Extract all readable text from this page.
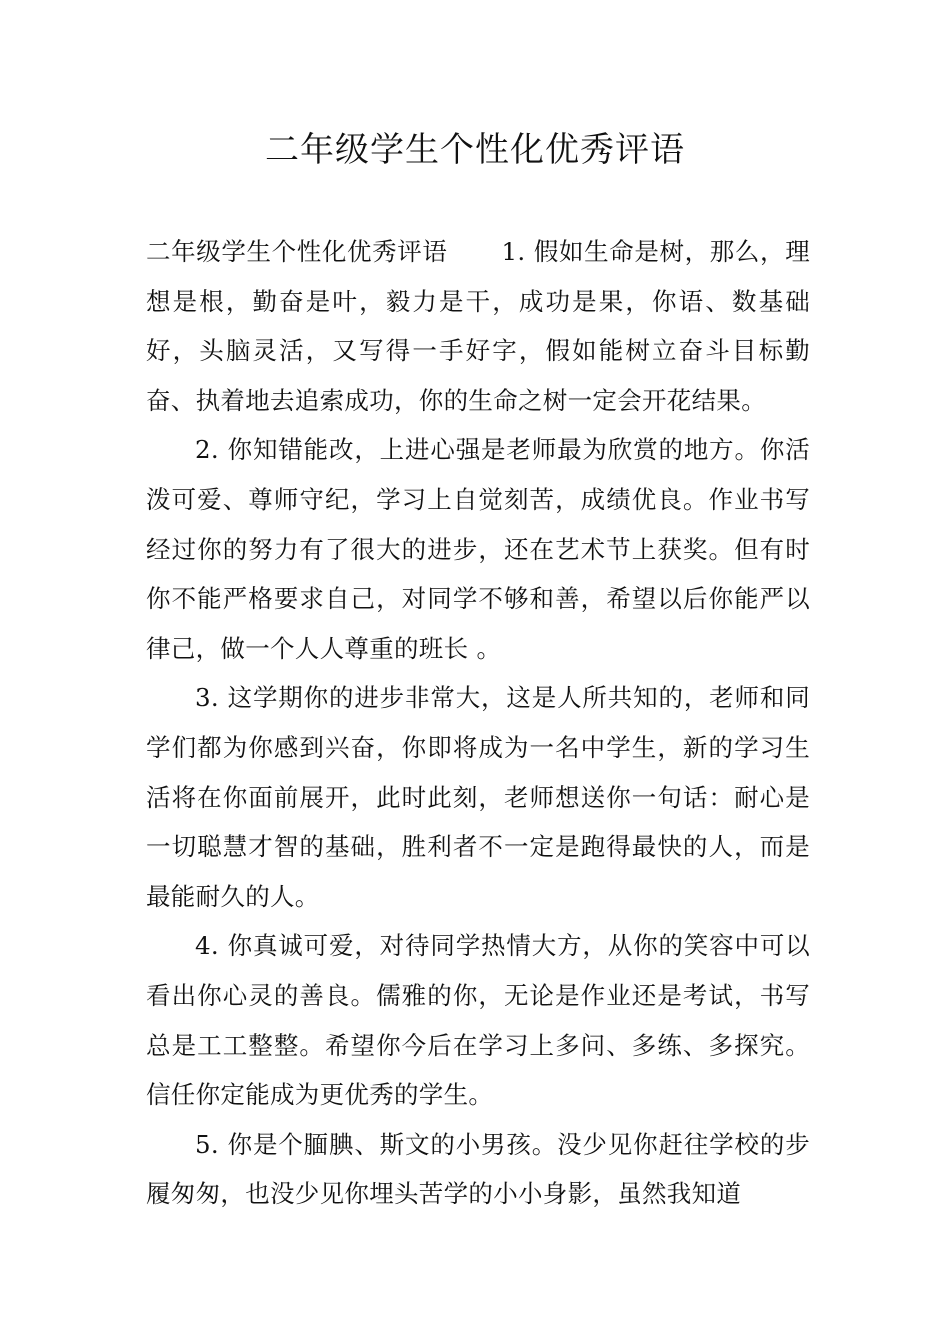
二年级学生个性化优秀评语

二年级学生个性化优秀评语 1. 假如生命是树，那么，理想是根，勤奋是叶，毅力是干，成功是果，你语、数基础好，头脑灵活，又写得一手好字，假如能树立奋斗目标勤奋、执着地去追索成功，你的生命之树一定会开花结果。

2. 你知错能改，上进心强是老师最为欣赏的地方。你活泼可爱、尊师守纪，学习上自觉刻苦，成绩优良。作业书写经过你的努力有了很大的进步，还在艺术节上获奖。但有时你不能严格要求自己，对同学不够和善，希望以后你能严以律己，做一个人人尊重的班长 。

3. 这学期你的进步非常大，这是人所共知的，老师和同学们都为你感到兴奋，你即将成为一名中学生，新的学习生活将在你面前展开，此时此刻，老师想送你一句话：耐心是一切聪慧才智的基础，胜利者不一定是跑得最快的人，而是最能耐久的人。

4. 你真诚可爱，对待同学热情大方，从你的笑容中可以看出你心灵的善良。儒雅的你，无论是作业还是考试，书写总是工工整整。希望你今后在学习上多问、多练、多探究。信任你定能成为更优秀的学生。

5. 你是个腼腆、斯文的小男孩。没少见你赶往学校的步履匆匆，也没少见你埋头苦学的小小身影，虽然我知道
